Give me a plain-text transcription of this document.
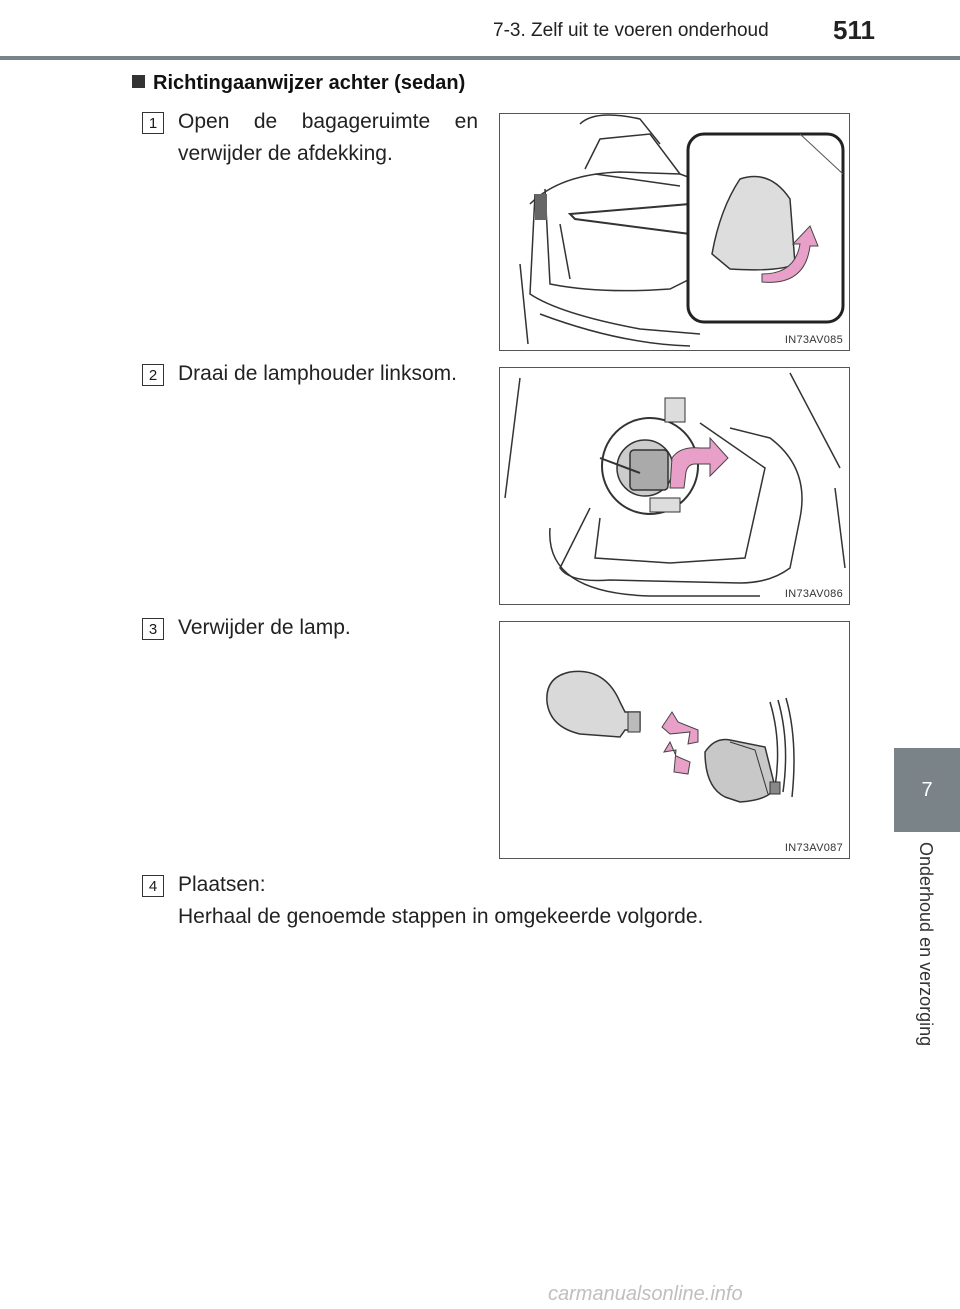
7-3. Zelf uit te voeren onderhoud 511
7
Onderhoud en verzorging
Richtingaanwijzer achter (sedan)
1 Open de bagageruimte en verwijder de afdekking.
IN73AV085
2 Draai de lamphouder linksom.
IN73AV086
3 Verwijder de lamp.
IN73AV087
4 Plaatsen:
Herhaal de genoemde stappen in omgekeerde volgorde.
carmanualsonline.info
